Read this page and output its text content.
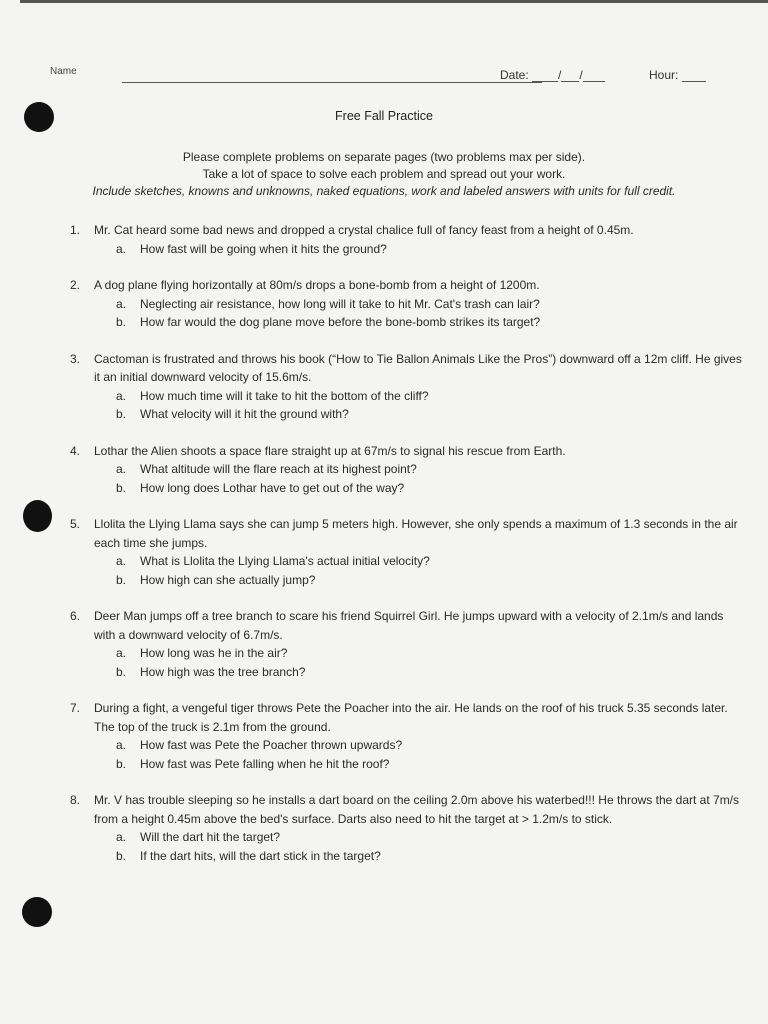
Name	Date: / /	Hour:
Free Fall Practice
Please complete problems on separate pages (two problems max per side).
Take a lot of space to solve each problem and spread out your work.
Include sketches, knowns and unknowns, naked equations, work and labeled answers with units for full credit.
1.	Mr. Cat heard some bad news and dropped a crystal chalice full of fancy feast from a height of 0.45m.
a. How fast will be going when it hits the ground?
2.	A dog plane flying horizontally at 80m/s drops a bone-bomb from a height of 1200m.
a. Neglecting air resistance, how long will it take to hit Mr. Cat's trash can lair?
b. How far would the dog plane move before the bone-bomb strikes its target?
3.	Cactoman is frustrated and throws his book (“How to Tie Ballon Animals Like the Pros”) downward off a 12m cliff. He gives it an initial downward velocity of 15.6m/s.
a. How much time will it take to hit the bottom of the cliff?
b. What velocity will it hit the ground with?
4.	Lothar the Alien shoots a space flare straight up at 67m/s to signal his rescue from Earth.
a. What altitude will the flare reach at its highest point?
b. How long does Lothar have to get out of the way?
5.	Llolita the Llying Llama says she can jump 5 meters high. However, she only spends a maximum of 1.3 seconds in the air each time she jumps.
a. What is Llolita the Llying Llama's actual initial velocity?
b. How high can she actually jump?
6.	Deer Man jumps off a tree branch to scare his friend Squirrel Girl. He jumps upward with a velocity of 2.1m/s and lands with a downward velocity of 6.7m/s.
a. How long was he in the air?
b. How high was the tree branch?
7.	During a fight, a vengeful tiger throws Pete the Poacher into the air. He lands on the roof of his truck 5.35 seconds later. The top of the truck is 2.1m from the ground.
a. How fast was Pete the Poacher thrown upwards?
b. How fast was Pete falling when he hit the roof?
8.	Mr. V has trouble sleeping so he installs a dart board on the ceiling 2.0m above his waterbed!!! He throws the dart at 7m/s from a height 0.45m above the bed's surface. Darts also need to hit the target at > 1.2m/s to stick.
a. Will the dart hit the target?
b. If the dart hits, will the dart stick in the target?
